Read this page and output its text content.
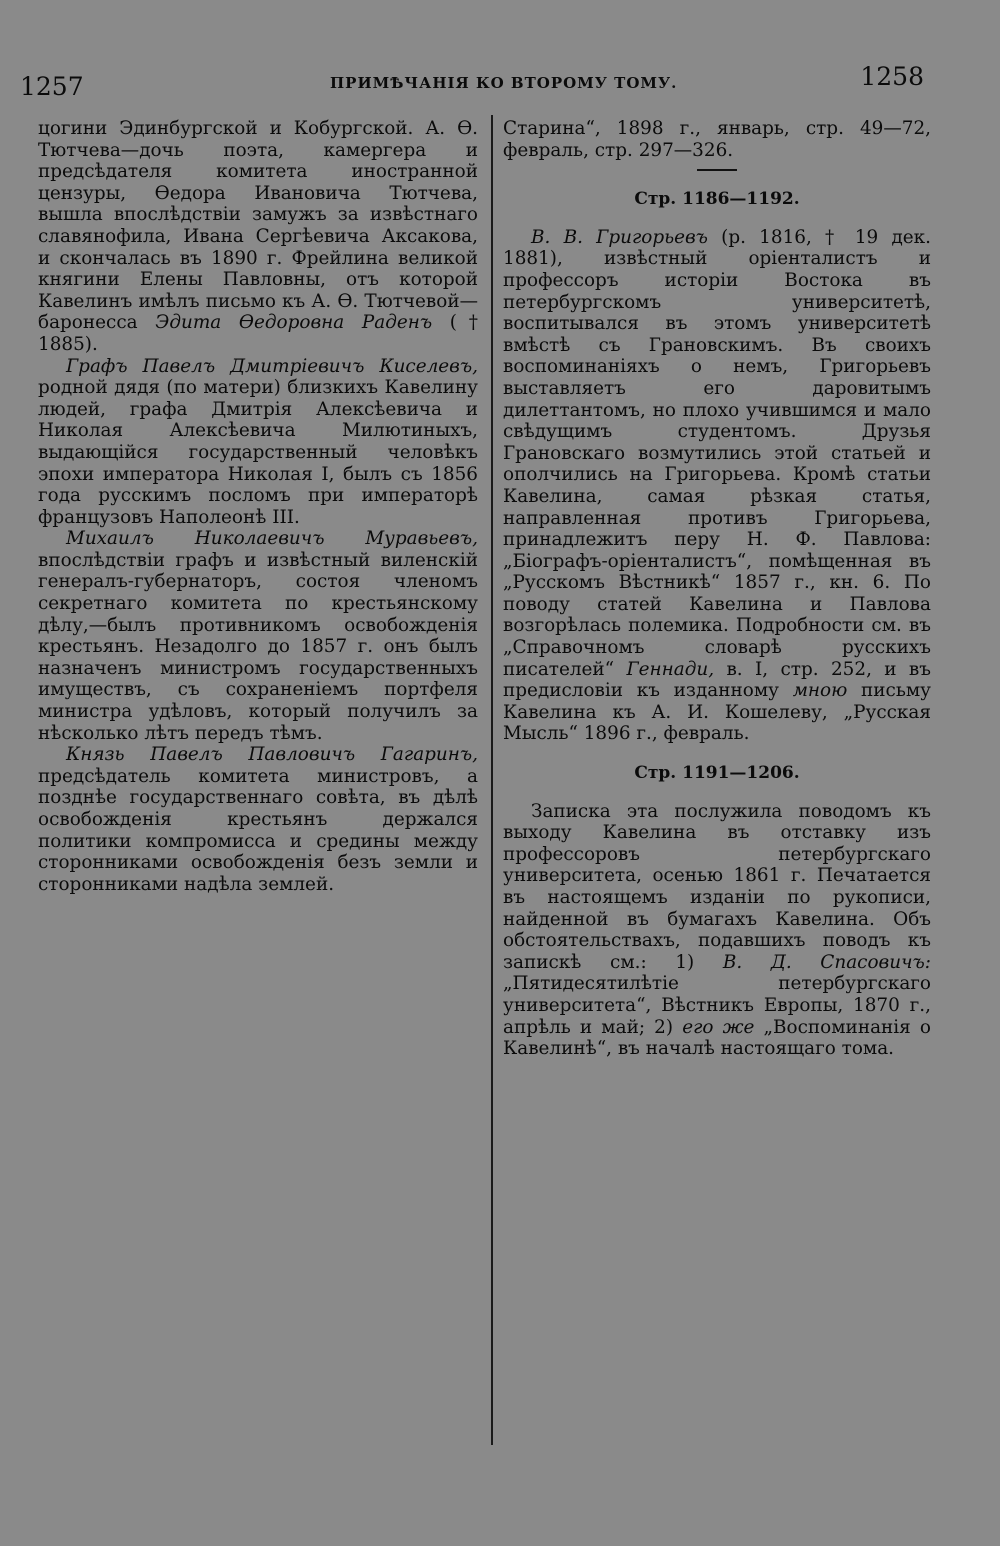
1257	ПРИМѢЧАНІЯ КО ВТОРОМУ ТОМУ.	1258

цогини Эдинбургской и Кобургской. А. Ѳ. Тютчева—дочь поэта, камергера и предсѣдателя комитета иностранной цензуры, Ѳедора Ивановича Тютчева, вышла впослѣдствіи замужъ за извѣстнаго славянофила, Ивана Сергѣевича Аксакова, и скончалась въ 1890 г. Фрейлина великой княгини Елены Павловны, отъ которой Кавелинъ имѣлъ письмо къ А. Ѳ. Тютчевой—баронесса Эдита Ѳедоровна Раденъ († 1885).

Графъ Павелъ Дмитріевичъ Киселевъ, родной дядя (по матери) близкихъ Кавелину людей, графа Дмитрія Алексѣевича и Николая Алексѣевича Милютиныхъ, выдающійся государственный человѣкъ эпохи императора Николая I, былъ съ 1856 года русскимъ посломъ при императорѣ французовъ Наполеонѣ III.

Михаилъ Николаевичъ Муравьевъ, впослѣдствіи графъ и извѣстный виленскій генералъ-губернаторъ, состоя членомъ секретнаго комитета по крестьянскому дѣлу,—былъ противникомъ освобожденія крестьянъ. Незадолго до 1857 г. онъ былъ назначенъ министромъ государственныхъ имуществъ, съ сохраненіемъ портфеля министра удѣловъ, который получилъ за нѣсколько лѣтъ передъ тѣмъ.

Князь Павелъ Павловичъ Гагаринъ, предсѣдатель комитета министровъ, а позднѣе государственнаго совѣта, въ дѣлѣ освобожденія крестьянъ держался политики компромисса и средины между сторонниками освобожденія безъ земли и сторонниками надѣла землей.

Старина“, 1898 г., январь, стр. 49—72, февраль, стр. 297—326.

Стр. 1186—1192.

В. В. Григорьевъ (р. 1816, † 19 дек. 1881), извѣстный оріенталистъ и профессоръ исторіи Востока въ петербургскомъ университетѣ, воспитывался въ этомъ университетѣ вмѣстѣ съ Грановскимъ. Въ своихъ воспоминаніяхъ о немъ, Григорьевъ выставляетъ его даровитымъ дилеттантомъ, но плохо учившимся и мало свѣдущимъ студентомъ. Друзья Грановскаго возмутились этой статьей и ополчились на Григорьева. Кромѣ статьи Кавелина, самая рѣзкая статья, направленная противъ Григорьева, принадлежитъ перу Н. Ф. Павлова: „Біографъ-оріенталистъ“, помѣщенная въ „Русскомъ Вѣстникѣ“ 1857 г., кн. 6. По поводу статей Кавелина и Павлова возгорѣлась полемика. Подробности см. въ „Справочномъ словарѣ русскихъ писателей“ Геннади, в. I, стр. 252, и въ предисловіи къ изданному мною письму Кавелина къ А. И. Кошелеву, „Русская Мысль“ 1896 г., февраль.

Стр. 1191—1206.

Записка эта послужила поводомъ къ выходу Кавелина въ отставку изъ профессоровъ петербургскаго университета, осенью 1861 г. Печатается въ настоящемъ изданіи по рукописи, найденной въ бумагахъ Кавелина. Объ обстоятельствахъ, подавшихъ поводъ къ запискѣ см.: 1) В. Д. Спасовичъ: „Пятидесятилѣтіе петербургскаго университета“, Вѣстникъ Европы, 1870 г., апрѣль и май; 2) его же „Воспоминанія о Кавелинѣ“, въ началѣ настоящаго тома.
